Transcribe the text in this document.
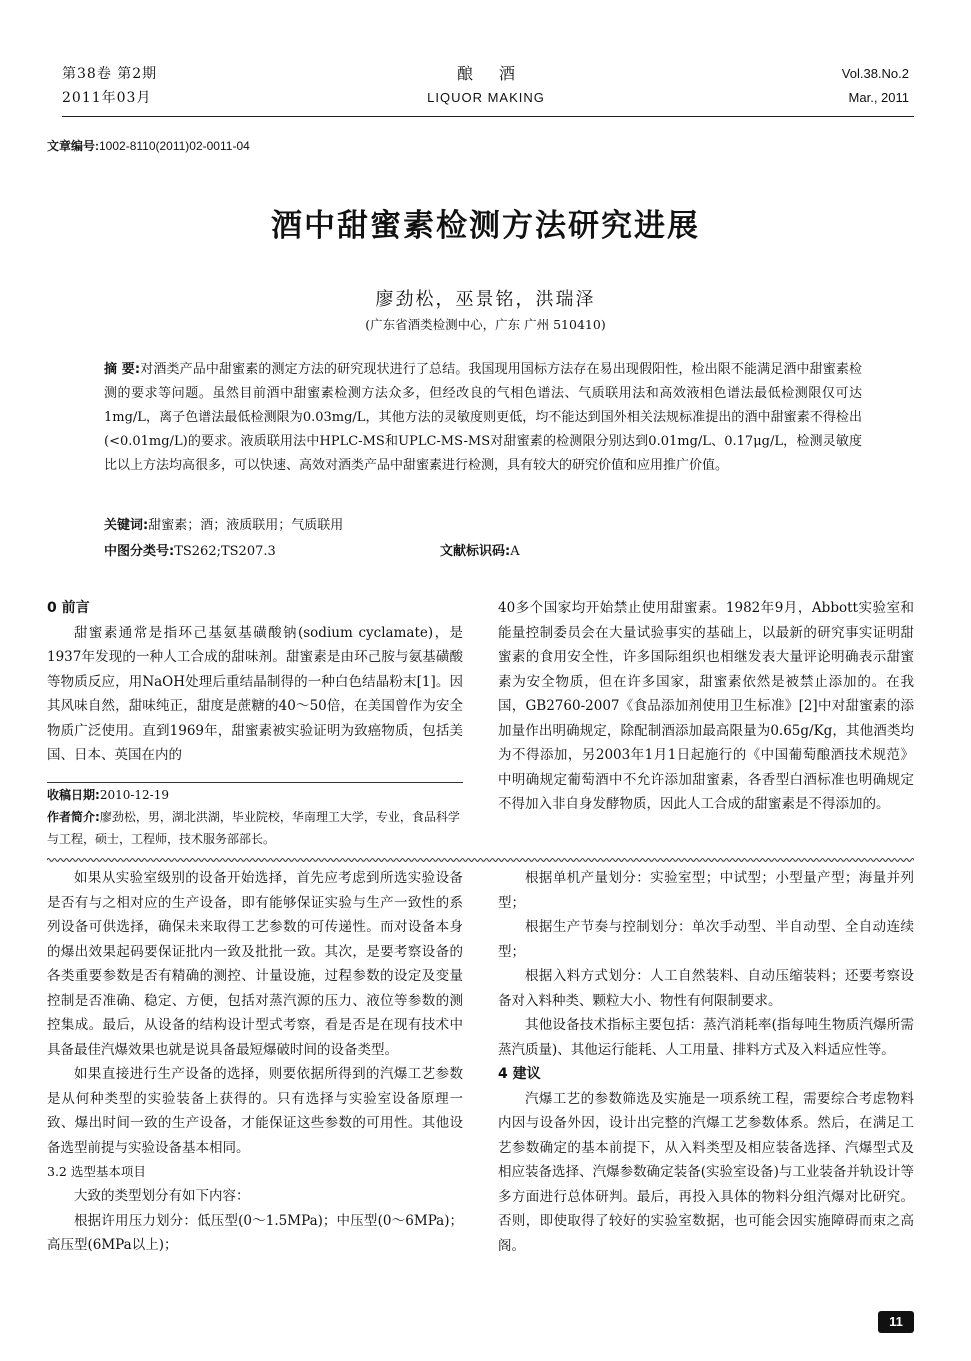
第38卷 第2期
2011年03月
酿酒
LIQUOR MAKING
Vol.38.No.2
Mar., 2011
文章编号:1002-8110(2011)02-0011-04
酒中甜蜜素检测方法研究进展
廖劲松，巫景铭，洪瑞泽
(广东省酒类检测中心，广东 广州 510410)
摘 要:对酒类产品中甜蜜素的测定方法的研究现状进行了总结。我国现用国标方法存在易出现假阳性，检出限不能满足酒中甜蜜素检测的要求等问题。虽然目前酒中甜蜜素检测方法众多，但经改良的气相色谱法、气质联用法和高效液相色谱法最低检测限仅可达1mg/L，离子色谱法最低检测限为0.03mg/L，其他方法的灵敏度则更低，均不能达到国外相关法规标准提出的酒中甜蜜素不得检出(<0.01mg/L)的要求。液质联用法中HPLC-MS和UPLC-MS-MS对甜蜜素的检测限分别达到0.01mg/L、0.17μg/L，检测灵敏度比以上方法均高很多，可以快速、高效对酒类产品中甜蜜素进行检测，具有较大的研究价值和应用推广价值。
关键词:甜蜜素；酒；液质联用；气质联用
中图分类号:TS262;TS207.3	文献标识码:A
0 前言

甜蜜素通常是指环己基氨基磺酸钠(sodium cyclamate)，是1937年发现的一种人工合成的甜味剂。甜蜜素是由环己胺与氨基磺酸等物质反应，用NaOH处理后重结晶制得的一种白色结晶粉末[1]。因其风味自然，甜味纯正，甜度是蔗糖的40～50倍，在美国曾作为安全物质广泛使用。直到1969年，甜蜜素被实验证明为致癌物质，包括美国、日本、英国在内的

40多个国家均开始禁止使用甜蜜素。1982年9月，Abbott实验室和能量控制委员会在大量试验事实的基础上，以最新的研究事实证明甜蜜素的食用安全性，许多国际组织也相继发表大量评论明确表示甜蜜素为安全物质，但在许多国家，甜蜜素依然是被禁止添加的。在我国，GB2760-2007《食品添加剂使用卫生标准》[2]中对甜蜜素的添加量作出明确规定，除配制酒添加最高限量为0.65g/Kg，其他酒类均为不得添加，另2003年1月1日起施行的《中国葡萄酿酒技术规范》中明确规定葡萄酒中不允许添加甜蜜素，各香型白酒标准也明确规定不得加入非自身发酵物质，因此人工合成的甜蜜素是不得添加的。

收稿日期:2010-12-19
作者简介:廖劲松，男，湖北洪湖，毕业院校，华南理工大学，专业，食品科学与工程，硕士，工程师，技术服务部部长。

如果从实验室级别的设备开始选择，首先应考虑到所选实验设备是否有与之相对应的生产设备，即有能够保证实验与生产一致性的系列设备可供选择，确保未来取得工艺参数的可传递性。而对设备本身的爆出效果起码要保证批内一致及批批一致。其次，是要考察设备的各类重要参数是否有精确的测控、计量设施，过程参数的设定及变量控制是否准确、稳定、方便，包括对蒸汽源的压力、液位等参数的测控集成。最后，从设备的结构设计型式考察，看是否是在现有技术中具备最佳汽爆效果也就是说具备最短爆破时间的设备类型。

如果直接进行生产设备的选择，则要依据所得到的汽爆工艺参数是从何种类型的实验装备上获得的。只有选择与实验室设备原理一致、爆出时间一致的生产设备，才能保证这些参数的可用性。其他设备选型前提与实验设备基本相同。

3.2 选型基本项目

大致的类型划分有如下内容：

根据许用压力划分：低压型(0～1.5MPa)；中压型(0～6MPa)；高压型(6MPa以上)；

根据单机产量划分：实验室型；中试型；小型量产型；海量并列型；

根据生产节奏与控制划分：单次手动型、半自动型、全自动连续型；

根据入料方式划分：人工自然装料、自动压缩装料；还要考察设备对入料种类、颗粒大小、物性有何限制要求。

其他设备技术指标主要包括：蒸汽消耗率(指每吨生物质汽爆所需蒸汽质量)、其他运行能耗、人工用量、排料方式及入料适应性等。

4 建议

汽爆工艺的参数筛选及实施是一项系统工程，需要综合考虑物料内因与设备外因，设计出完整的汽爆工艺参数体系。然后，在满足工艺参数确定的基本前提下，从入料类型及相应装备选择、汽爆型式及相应装备选择、汽爆参数确定装备(实验室设备)与工业装备并轨设计等多方面进行总体研判。最后，再投入具体的物料分组汽爆对比研究。否则，即使取得了较好的实验室数据，也可能会因实施障碍而束之高阁。

11
